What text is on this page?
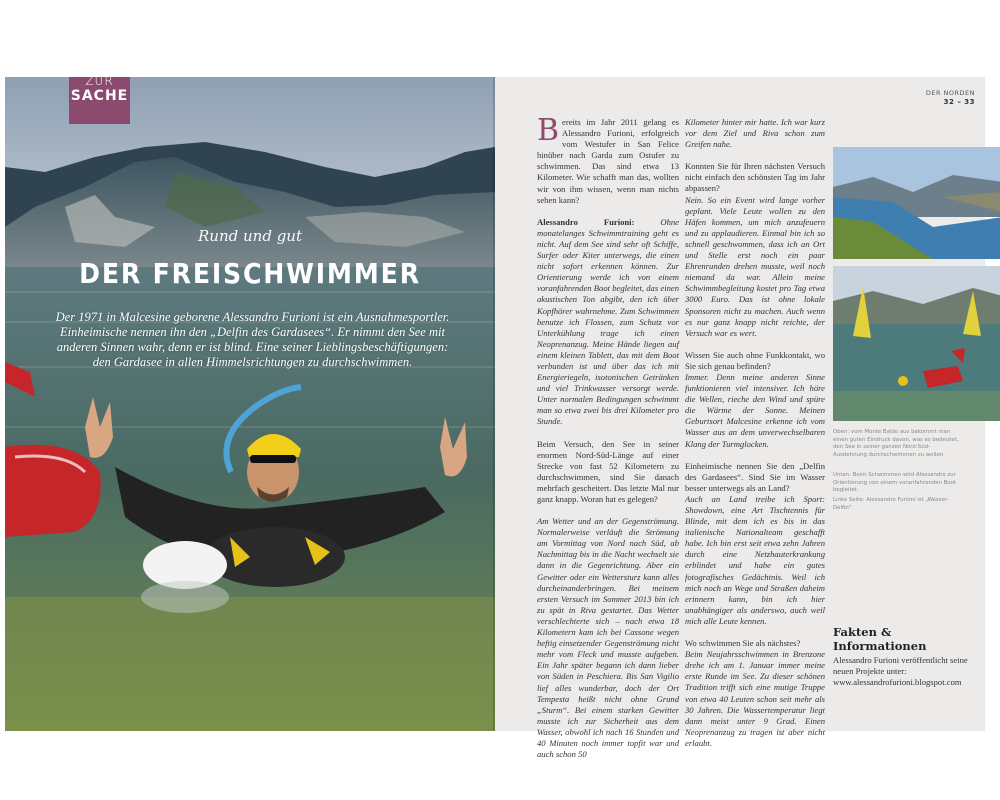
ZUR
SACHE
Rund und gut
DER FREISCHWIMMER
Der 1971 in Malcesine geborene Alessandro Furioni ist ein Ausnahmesportler. Einheimische nennen ihn den „Delfin des Gardasees“. Er nimmt den See mit anderen Sinnen wahr, denn er ist blind. Eine seiner Lieblingsbeschäftigungen: den Gardasee in allen Himmelsrichtungen zu durchschwimmen.
DER NORDEN
32 – 33

Bereits im Jahr 2011 gelang es Alessandro Furioni, erfolgreich vom Westufer in San Felice hinüber nach Garda zum Ostufer zu schwimmen. Das sind etwa 13 Kilometer. Wie schafft man das, wollten wir von ihm wissen, wenn man nichts sehen kann?

Alessandro Furioni:	Ohne monatelanges Schwimmtraining geht es nicht. Auf dem See sind sehr oft Schiffe, Surfer oder Kiter unterwegs, die einen nicht sofort erkennen können. Zur Orientierung werde ich von einem voranfahrenden Boot begleitet, das einen akustischen Ton abgibt, den ich über Kopfhörer wahrnehme. Zum Schwimmen benutze ich Flossen, zum Schutz vor Unterkühlung trage ich einen Neoprenanzug. Meine Hände liegen auf einem kleinen Tablett, das mit dem Boot verbunden ist und über das ich mit Energieriegeln, isotonischen Getränken und viel Trinkwasser versorgt werde. Unter normalen Bedingungen schwimmt man so etwa zwei bis drei Kilometer pro Stunde.

Beim Versuch, den See in seiner enormen Nord-Süd-Länge auf einer Strecke von fast 52 Kilometern zu durchschwimmen, sind Sie danach mehrfach gescheitert. Das letzte Mal nur ganz knapp. Woran hat es gelegen?

Am Wetter und an der Gegenströmung. Normalerweise verläuft die Strömung am Vormittag von Nord nach Süd, ab Nachmittag bis in die Nacht wechselt sie dann in die Gegenrichtung. Aber ein Gewitter oder ein Wettersturz kann alles durcheinanderbringen. Bei meinem ersten Versuch im Sommer 2013 bin ich zu spät in Riva gestartet. Das Wetter verschlechterte sich – nach etwa 18 Kilometern kam ich bei Cassone wegen heftig einsetzender Gegenströmung nicht mehr vom Fleck und musste aufgeben. Ein Jahr später begann ich dann lieber von Süden in Peschiera. Bis San Vigilio lief alles wunderbar, doch der Ort Tempesta heißt nicht ohne Grund „Sturm“. Bei einem starken Gewitter musste ich zur Sicherheit aus dem Wasser, obwohl ich nach 16 Stunden und 40 Minuten noch immer topfit war und auch schon 50

Kilometer hinter mir hatte. Ich war kurz vor dem Ziel und Riva schon zum Greifen nahe.

Konnten Sie für Ihren nächsten Versuch nicht einfach den schönsten Tag im Jahr abpassen?

Nein. So ein Event wird lange vorher geplant. Viele Leute wollen zu den Häfen kommen, um mich anzufeuern und zu applaudieren. Einmal bin ich so schnell geschwommen, dass ich an Ort und Stelle erst noch ein paar Ehrenrunden drehen musste, weil noch niemand da war. Allein meine Schwimmbegleitung kostet pro Tag etwa 3000 Euro. Das ist ohne lokale Sponsoren nicht zu machen. Auch wenn es nur ganz knapp nicht reichte, der Versuch war es wert.

Wissen Sie auch ohne Funkkontakt, wo Sie sich genau befinden?

Immer. Denn meine anderen Sinne funktionieren viel intensiver. Ich höre die Wellen, rieche den Wind und spüre die Wärme der Sonne. Meinen Geburtsort Malcesine erkenne ich vom Wasser aus an dem unverwechselbaren Klang der Turmglocken.

Einheimische nennen Sie den „Delfin des Gardasees“. Sind Sie im Wasser besser unterwegs als an Land?

Auch an Land treibe ich Sport: Showdown, eine Art Tischtennis für Blinde, mit dem ich es bis in das italienische Nationalteam geschafft habe. Ich bin erst seit etwa zehn Jahren durch eine Netzhauterkrankung erblindet und habe ein gutes fotografisches Gedächtnis. Weil ich mich noch an Wege und Straßen daheim erinnern kann, bin ich hier unabhängiger als anderswo, auch weil mich alle Leute kennen.

Wo schwimmen Sie als nächstes?

Beim Neujahrsschwimmen in Brenzone drehe ich am 1. Januar immer meine erste Runde im See. Zu dieser schönen Tradition trifft sich eine mutige Truppe von etwa 40 Leuten schon seit mehr als 30 Jahren. Die Wassertemperatur liegt dann meist unter 9 Grad. Einen Neoprenanzug zu tragen ist aber nicht erlaubt.

Oben: vom Monte Baldo aus bekommt man einen guten Eindruck davon, was es bedeutet, den See in seiner ganzen Nord-Süd-Ausdehnung durchschwimmen zu wollen.
Unten: Beim Schwimmen wird Alessandro zur Orientierung von einem voranfahrenden Boot begleitet.
Linke Seite: Alessandro Furioni ist „Wasser-Delfin“
Fakten & Informationen
Alessandro Furioni veröffentlicht seine neuen Projekte unter: www.alessandrofurioni.blogspot.com
